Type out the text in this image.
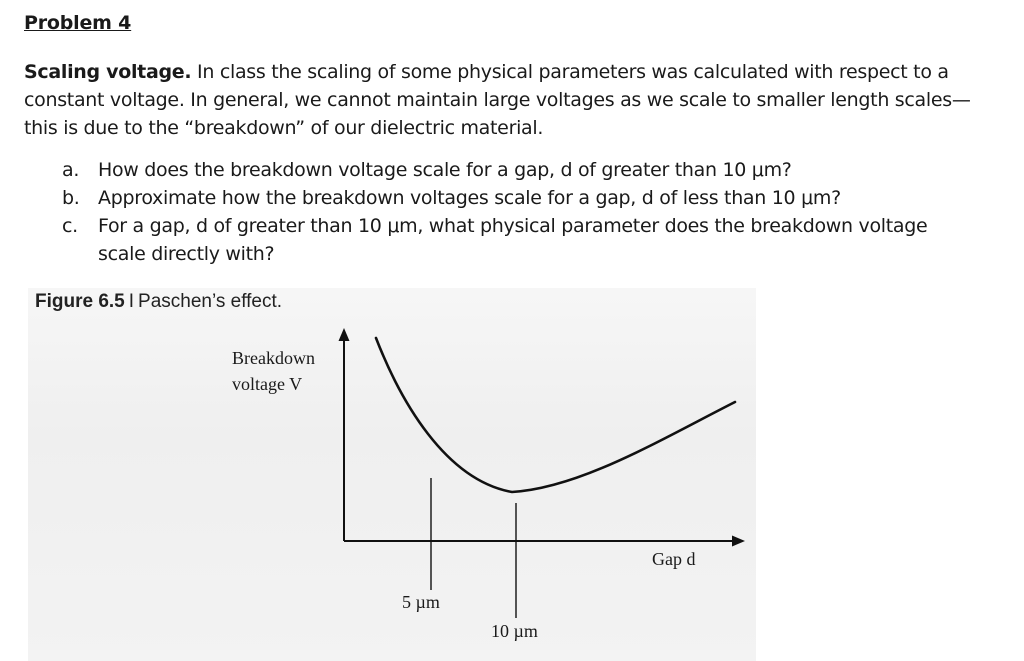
Problem 4
Scaling voltage. In class the scaling of some physical parameters was calculated with respect to a constant voltage. In general, we cannot maintain large voltages as we scale to smaller length scales—this is due to the “breakdown” of our dielectric material.
a. How does the breakdown voltage scale for a gap, d of greater than 10 μm?
b. Approximate how the breakdown voltages scale for a gap, d of less than 10 μm?
c.	For a gap, d of greater than 10 μm, what physical parameter does the breakdown voltage scale directly with?
Figure 6.5 I Paschen’s effect.
Breakdown
voltage V
Gap d
5 µm
10 µm
